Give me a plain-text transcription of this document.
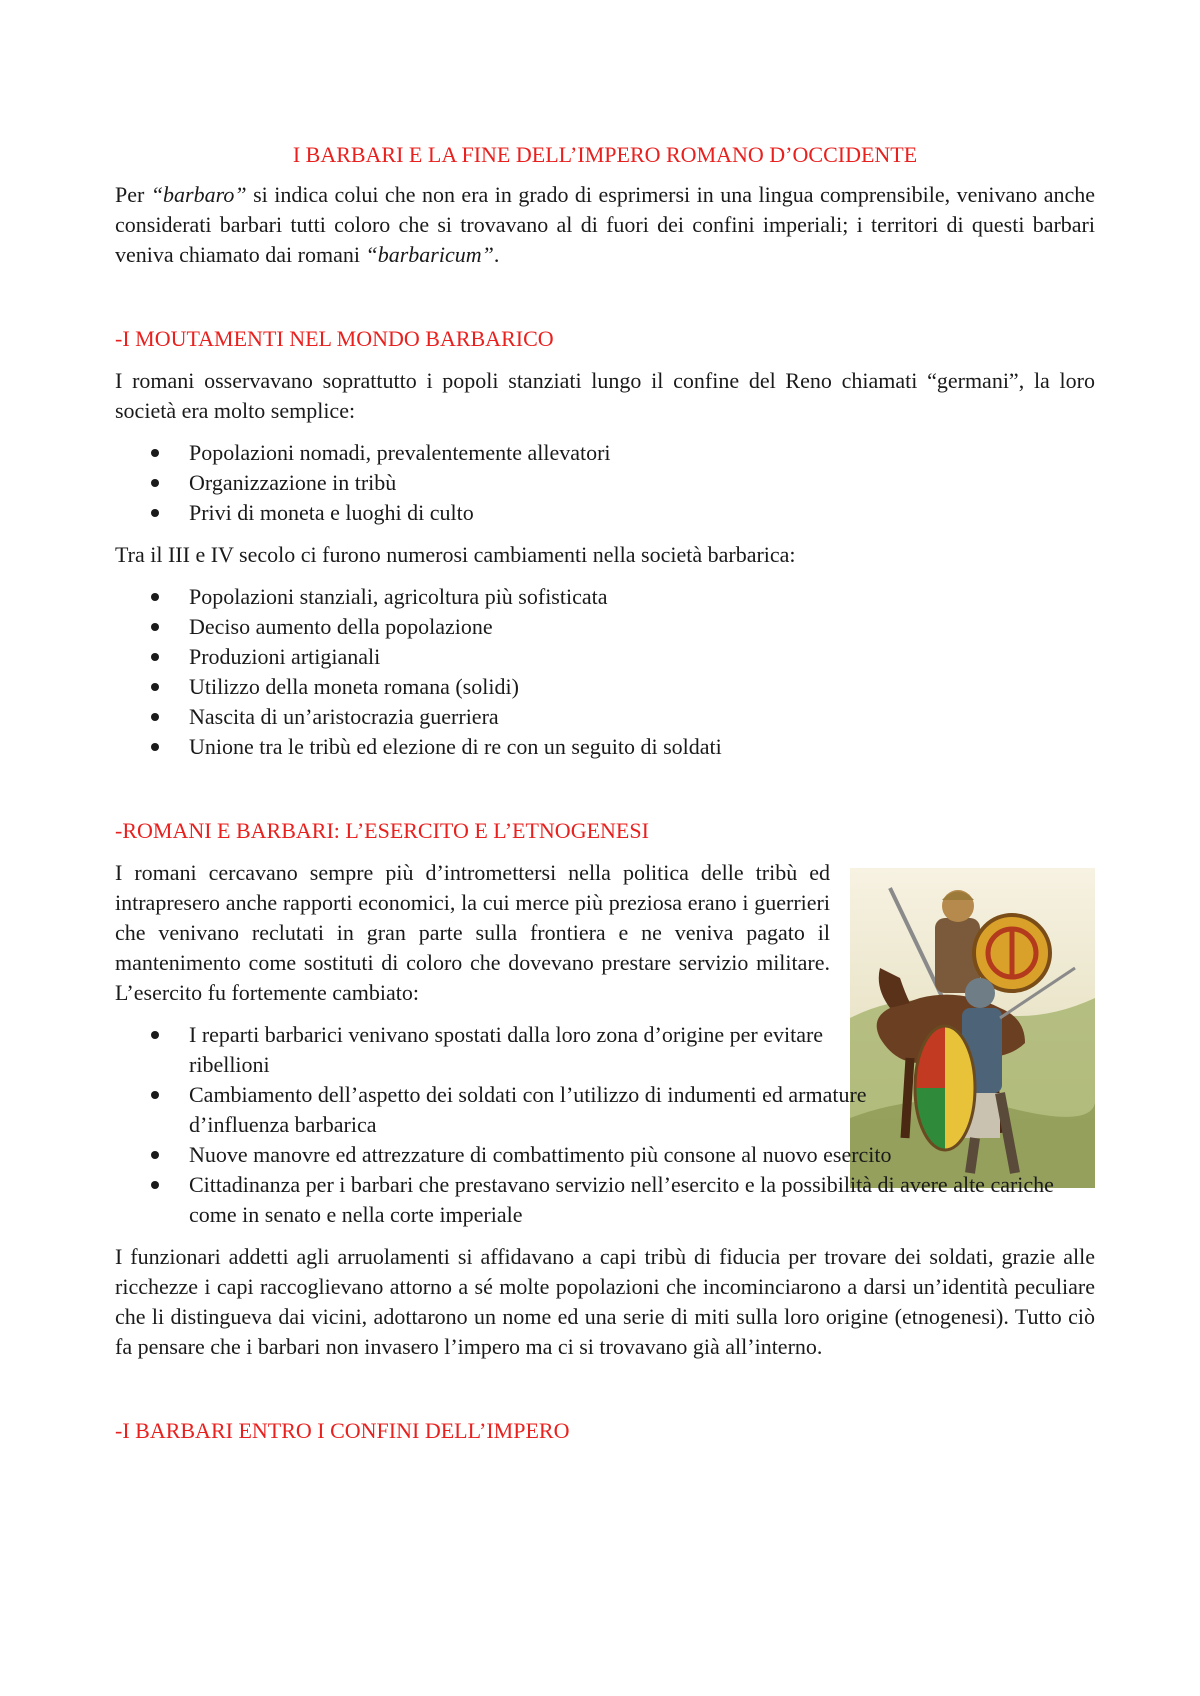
I BARBARI E LA FINE DELL’IMPERO ROMANO D’OCCIDENTE

Per “barbaro” si indica colui che non era in grado di esprimersi in una lingua comprensibile, venivano anche considerati barbari tutti coloro che si trovavano al di fuori dei confini imperiali; i territori di questi barbari veniva chiamato dai romani “barbaricum”.

-I MOUTAMENTI NEL MONDO BARBARICO

I romani osservavano soprattutto i popoli stanziati lungo il confine del Reno chiamati “germani”, la loro società era molto semplice:

Popolazioni nomadi, prevalentemente allevatori
Organizzazione in tribù
Privi di moneta e luoghi di culto

Tra il III e IV secolo ci furono numerosi cambiamenti nella società barbarica:

Popolazioni stanziali, agricoltura più sofisticata
Deciso aumento della popolazione
Produzioni artigianali
Utilizzo della moneta romana (solidi)
Nascita di un’aristocrazia guerriera
Unione tra le tribù ed elezione di re con un seguito di soldati
-ROMANI E BARBARI: L’ESERCITO E L’ETNOGENESI

I romani cercavano sempre più d’intromettersi nella politica delle tribù ed intrapresero anche rapporti economici, la cui merce più preziosa erano i guerrieri che venivano reclutati in gran parte sulla frontiera e ne veniva pagato il mantenimento come sostituti di coloro che dovevano prestare servizio militare. L’esercito fu fortemente cambiato:

I reparti barbarici venivano spostati dalla loro zona d’origine per evitare ribellioni
Cambiamento dell’aspetto dei soldati con l’utilizzo di indumenti ed armature d’influenza barbarica
Nuove manovre ed attrezzature di combattimento più consone al nuovo esercito
Cittadinanza per i barbari che prestavano servizio nell’esercito e la possibilità di avere alte cariche come in senato e nella corte imperiale

I funzionari addetti agli arruolamenti si affidavano a capi tribù di fiducia per trovare dei soldati, grazie alle ricchezze i capi raccoglievano attorno a sé molte popolazioni che incominciarono a darsi un’identità peculiare che li distingueva dai vicini, adottarono un nome ed una serie di miti sulla loro origine (etnogenesi). Tutto ciò fa pensare che i barbari non invasero l’impero ma ci si trovavano già all’interno.

-I BARBARI ENTRO I CONFINI DELL’IMPERO
